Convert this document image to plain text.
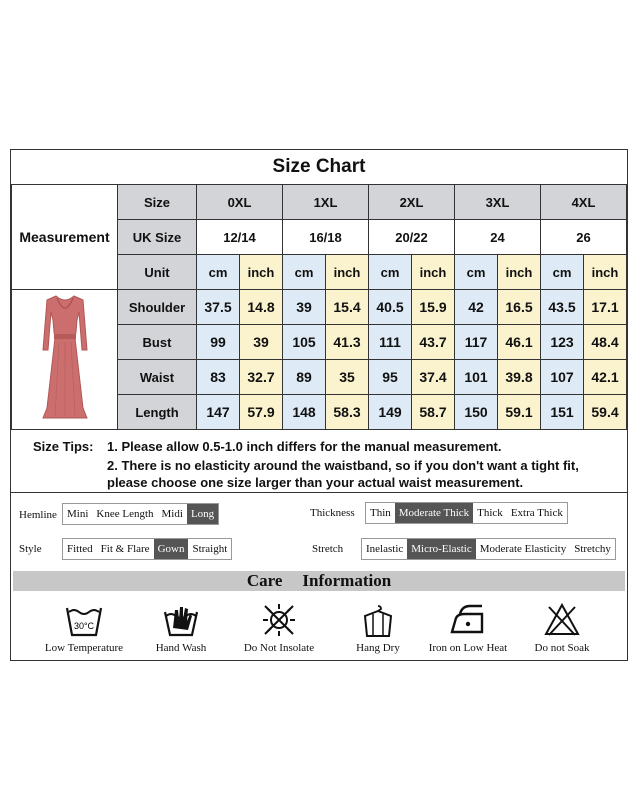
Size Chart
Measurement	Size	0XL		1XL		2XL		3XL		4XL	
	UK Size	12/14		16/18		20/22		24		26	
	Unit	cm	inch	cm	inch	cm	inch	cm	inch	cm	inch
	Shoulder	37.5	14.8	39	15.4	40.5	15.9	42	16.5	43.5	17.1
	Bust	99	39	105	41.3	111	43.7	117	46.1	123	48.4
	Waist	83	32.7	89	35	95	37.4	101	39.8	107	42.1
	Length	147	57.9	148	58.3	149	58.7	150	59.1	151	59.4
Size Tips: 1. Please allow 0.5-1.0 inch differs for the manual measurement.
2. There is no elasticity around the waistband, so if you don't want a tight fit,
please choose one size larger than your actual waist measurement.
Hemline Mini Knee Length Midi Long	Thickness	Thin Moderate Thick Thick Extra Thick
Style	Fitted Fit & Flare Gown Straight	Stretch	Inelastic Micro-Elastic Moderate Elasticity Stretchy
Care Information
30°C
Low Temperature	Hand Wash	Do Not Insolate	Hang Dry	Iron on Low Heat	Do not Soak
